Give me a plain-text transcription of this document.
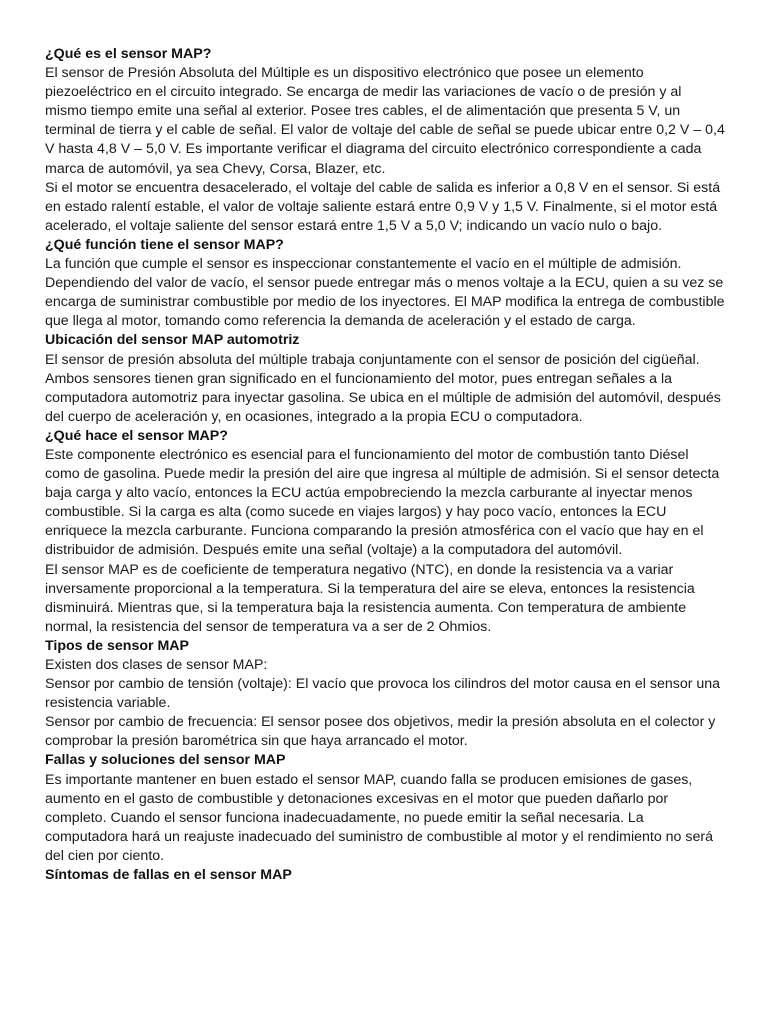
¿Qué es el sensor MAP?

El sensor de Presión Absoluta del Múltiple es un dispositivo electrónico que posee un elemento piezoeléctrico en el circuito integrado. Se encarga de medir las variaciones de vacío o de presión y al mismo tiempo emite una señal al exterior. Posee tres cables, el de alimentación que presenta 5 V, un terminal de tierra y el cable de señal. El valor de voltaje del cable de señal se puede ubicar entre 0,2 V – 0,4 V hasta 4,8 V – 5,0 V. Es importante verificar el diagrama del circuito electrónico correspondiente a cada marca de automóvil, ya sea Chevy, Corsa, Blazer, etc.

Si el motor se encuentra desacelerado, el voltaje del cable de salida es inferior a 0,8 V en el sensor. Si está en estado ralentí estable, el valor de voltaje saliente estará entre 0,9 V y 1,5 V. Finalmente, si el motor está acelerado, el voltaje saliente del sensor estará entre 1,5 V a 5,0 V; indicando un vacío nulo o bajo.

¿Qué función tiene el sensor MAP?

La función que cumple el sensor es inspeccionar constantemente el vacío en el múltiple de admisión. Dependiendo del valor de vacío, el sensor puede entregar más o menos voltaje a la ECU, quien a su vez se encarga de suministrar combustible por medio de los inyectores. El MAP modifica la entrega de combustible que llega al motor, tomando como referencia la demanda de aceleración y el estado de carga.

Ubicación del sensor MAP automotriz

El sensor de presión absoluta del múltiple trabaja conjuntamente con el sensor de posición del cigüeñal. Ambos sensores tienen gran significado en el funcionamiento del motor, pues entregan señales a la computadora automotriz para inyectar gasolina. Se ubica en el múltiple de admisión del automóvil, después del cuerpo de aceleración y, en ocasiones, integrado a la propia ECU o computadora.

¿Qué hace el sensor MAP?

Este componente electrónico es esencial para el funcionamiento del motor de combustión tanto Diésel como de gasolina. Puede medir la presión del aire que ingresa al múltiple de admisión. Si el sensor detecta baja carga y alto vacío, entonces la ECU actúa empobreciendo la mezcla carburante al inyectar menos combustible. Si la carga es alta (como sucede en viajes largos) y hay poco vacío, entonces la ECU enriquece la mezcla carburante. Funciona comparando la presión atmosférica con el vacío que hay en el distribuidor de admisión. Después emite una señal (voltaje) a la computadora del automóvil.

El sensor MAP es de coeficiente de temperatura negativo (NTC), en donde la resistencia va a variar inversamente proporcional a la temperatura. Si la temperatura del aire se eleva, entonces la resistencia disminuirá. Mientras que, si la temperatura baja la resistencia aumenta. Con temperatura de ambiente normal, la resistencia del sensor de temperatura va a ser de 2 Ohmios.

Tipos de sensor MAP

Existen dos clases de sensor MAP:

Sensor por cambio de tensión (voltaje): El vacío que provoca los cilindros del motor causa en el sensor una resistencia variable.

Sensor por cambio de frecuencia: El sensor posee dos objetivos, medir la presión absoluta en el colector y comprobar la presión barométrica sin que haya arrancado el motor.

Fallas y soluciones del sensor MAP

Es importante mantener en buen estado el sensor MAP, cuando falla se producen emisiones de gases, aumento en el gasto de combustible y detonaciones excesivas en el motor que pueden dañarlo por completo. Cuando el sensor funciona inadecuadamente, no puede emitir la señal necesaria. La computadora hará un reajuste inadecuado del suministro de combustible al motor y el rendimiento no será del cien por ciento.

Síntomas de fallas en el sensor MAP
